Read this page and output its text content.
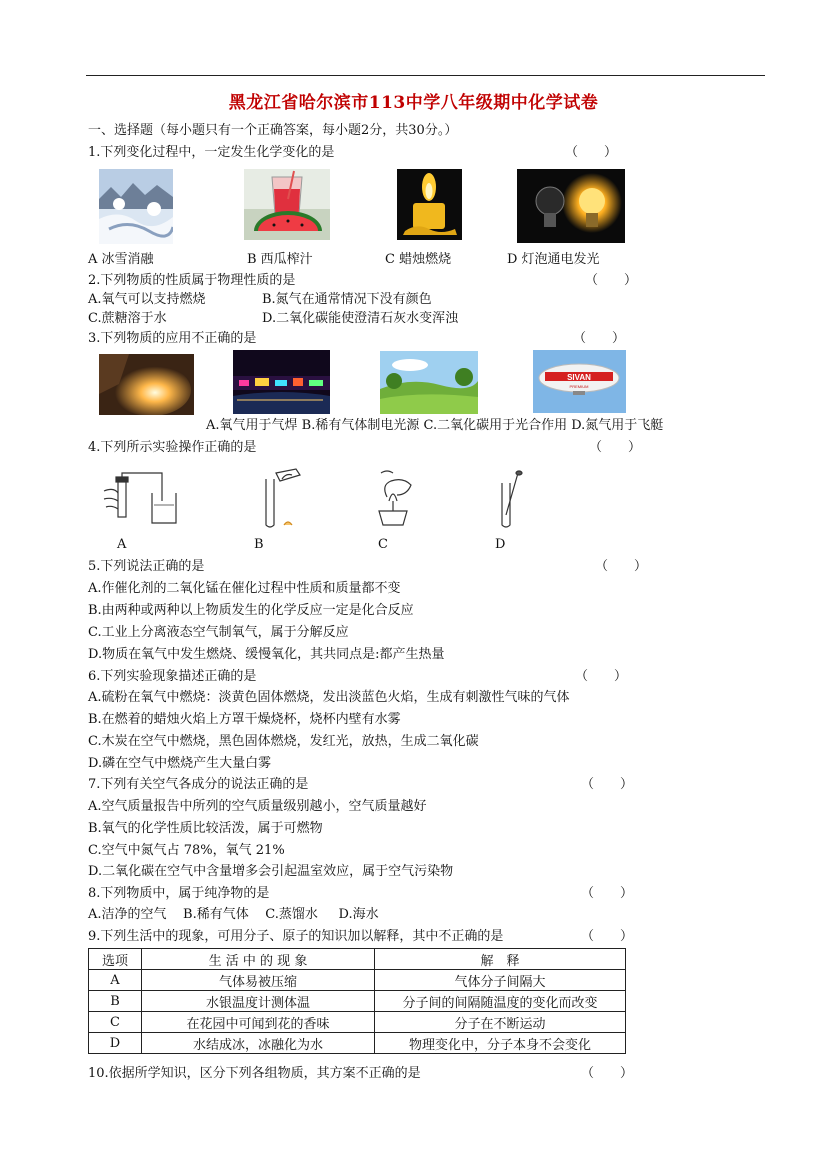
黑龙江省哈尔滨市113中学八年级期中化学试卷
一、选择题（每小题只有一个正确答案，每小题2分，共30分。）
1.下列变化过程中，一定发生化学变化的是	（　　）
A 冰雪消融	B 西瓜榨汁	C 蜡烛燃烧	D 灯泡通电发光
2.下列物质的性质属于物理性质的是	（　　）
A.氧气可以支持燃烧	B.氮气在通常情况下没有颜色
C.蔗糖溶于水	D.二氧化碳能使澄清石灰水变浑浊
3.下列物质的应用不正确的是	（　　）
SIVAN
PREMIUM
A.氧气用于气焊 B.稀有气体制电光源 C.二氧化碳用于光合作用 D.氮气用于飞艇
4.下列所示实验操作正确的是	（　　）
A	B	C	D
5.下列说法正确的是	（　　）
A.作催化剂的二氧化锰在催化过程中性质和质量都不变
B.由两种或两种以上物质发生的化学反应一定是化合反应
C.工业上分离液态空气制氧气，属于分解反应
D.物质在氧气中发生燃烧、缓慢氧化，其共同点是:都产生热量
6.下列实验现象描述正确的是	（　　）
A.硫粉在氧气中燃烧：淡黄色固体燃烧，发出淡蓝色火焰，生成有刺激性气味的气体
B.在燃着的蜡烛火焰上方罩干燥烧杯，烧杯内壁有水雾
C.木炭在空气中燃烧，黑色固体燃烧，发红光，放热，生成二氧化碳
D.磷在空气中燃烧产生大量白雾
7.下列有关空气各成分的说法正确的是	（　　）
A.空气质量报告中所列的空气质量级别越小，空气质量越好
B.氧气的化学性质比较活泼，属于可燃物
C.空气中氮气占 78%，氧气 21%
D.二氧化碳在空气中含量增多会引起温室效应，属于空气污染物
8.下列物质中，属于纯净物的是	（　　）
A.洁净的空气    B.稀有气体    C.蒸馏水     D.海水
9.下列生活中的现象，可用分子、原子的知识加以解释，其中不正确的是	（　　）
选项	生 活 中 的 现 象	解　释
A	气体易被压缩	气体分子间隔大
B	水银温度计测体温	分子间的间隔随温度的变化而改变
C	在花园中可闻到花的香味	分子在不断运动
D	水结成冰，冰融化为水	物理变化中，分子本身不会变化
10.依据所学知识，区分下列各组物质，其方案不正确的是	（　　）
